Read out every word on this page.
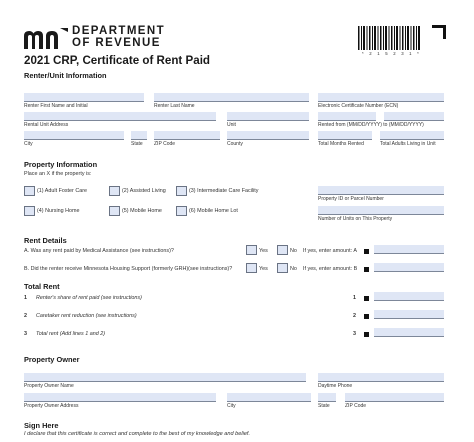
DEPARTMENT
OF REVENUE
2021 CRP, Certificate of Rent Paid
* 2 1 5 2 3 1 *
Renter/Unit Information
Renter First Name and Initial	Renter Last Name	Electronic Certificate Number (ECN)
Rental Unit Address	Unit	Rented from (MM/DD/YYYY) to (MM/DD/YYYY)
City	State ZIP Code	County	Total Months Rented	Total Adults Living in Unit
Property Information
Place an X if the property is:
(1) Adult Foster Care	(2) Assisted Living	(3) Intermediate Care Facility
(4) Nursing Home	(5) Mobile Home	(6) Mobile Home Lot
Property ID or Parcel Number
Number of Units on This Property
Rent Details
A. Was any rent paid by Medical Assistance (see instructions)?	Yes	No If yes, enter amount: A
B. Did the renter receive Minnesota Housing Support (formerly GRH)(see instructions)?	Yes	No If yes, enter amount: B
Total Rent
1 Renter's share of rent paid (see instructions)	1
2 Caretaker rent reduction (see instructions)	2
3 Total rent (Add lines 1 and 2)	3
Property Owner
Property Owner Name	Daytime Phone
Property Owner Address	City	State	ZIP Code
Sign Here
I declare that this certificate is correct and complete to the best of my knowledge and belief.
